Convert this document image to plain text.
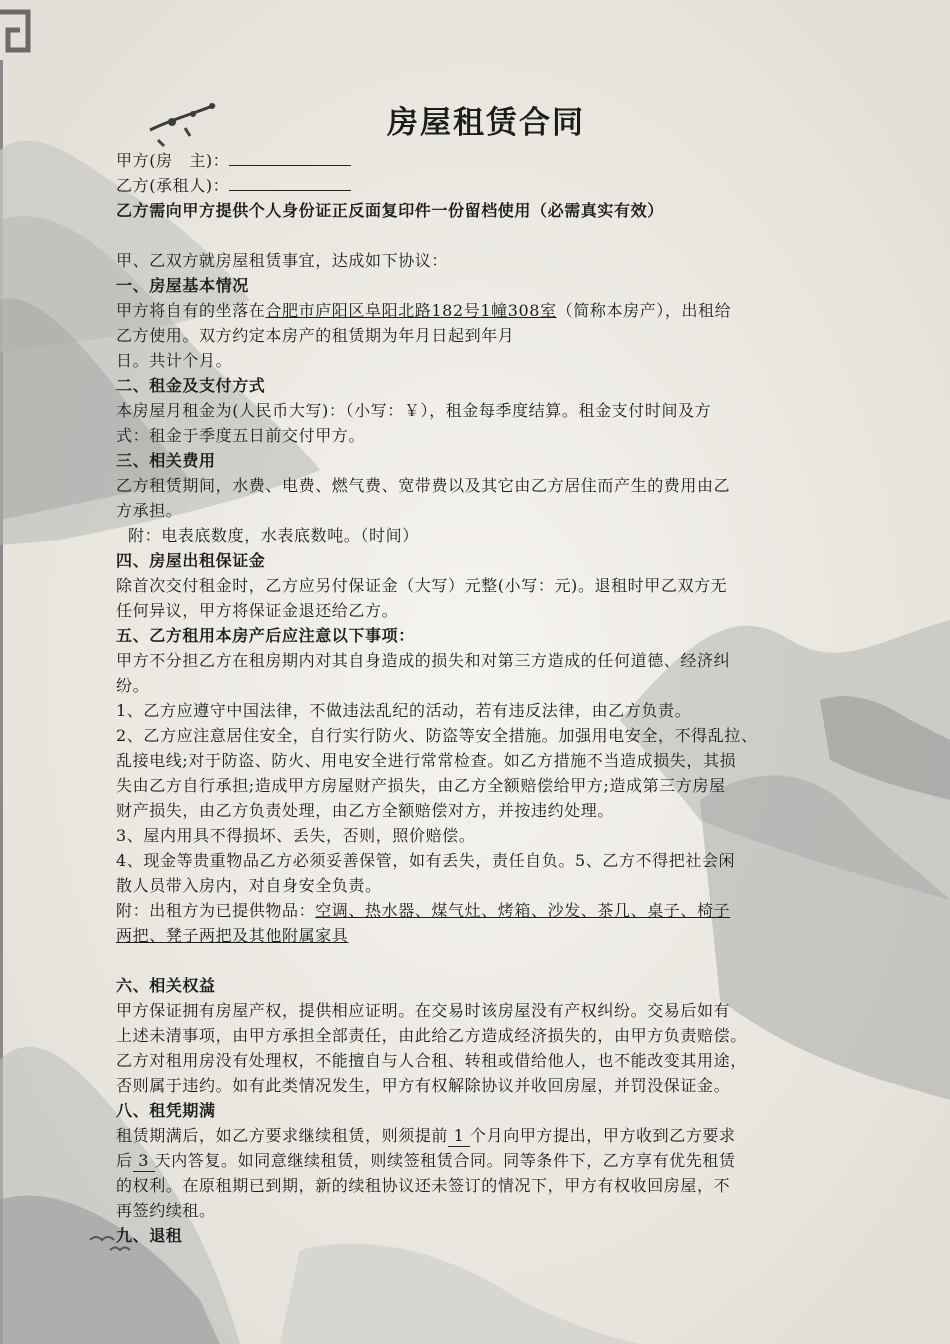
房屋租赁合同
甲方(房　主)：
乙方(承租人)：
乙方需向甲方提供个人身份证正反面复印件一份留档使用（必需真实有效）
甲、乙双方就房屋租赁事宜，达成如下协议：
一、房屋基本情况
甲方将自有的坐落在合肥市庐阳区阜阳北路182号1幢308室（简称本房产），出租给
乙方使用。双方约定本房产的租赁期为年月日起到年月
日。共计个月。
二、租金及支付方式
本房屋月租金为(人民币大写)：（小写：￥），租金每季度结算。租金支付时间及方
式：租金于季度五日前交付甲方。
三、相关费用
乙方租赁期间，水费、电费、燃气费、宽带费以及其它由乙方居住而产生的费用由乙
方承担。
附：电表底数度，水表底数吨。（时间）
四、房屋出租保证金
除首次交付租金时，乙方应另付保证金（大写）元整(小写：元)。退租时甲乙双方无
任何异议，甲方将保证金退还给乙方。
五、乙方租用本房产后应注意以下事项：
甲方不分担乙方在租房期内对其自身造成的损失和对第三方造成的任何道德、经济纠
纷。
1、乙方应遵守中国法律，不做违法乱纪的活动，若有违反法律，由乙方负责。
2、乙方应注意居住安全，自行实行防火、防盗等安全措施。加强用电安全，不得乱拉、
乱接电线;对于防盗、防火、用电安全进行常常检查。如乙方措施不当造成损失，其损
失由乙方自行承担;造成甲方房屋财产损失，由乙方全额赔偿给甲方;造成第三方房屋
财产损失，由乙方负责处理，由乙方全额赔偿对方，并按违约处理。
3、屋内用具不得损坏、丢失，否则，照价赔偿。
4、现金等贵重物品乙方必须妥善保管，如有丢失，责任自负。5、乙方不得把社会闲
散人员带入房内，对自身安全负责。
附：出租方为已提供物品：空调、热水器、煤气灶、烤箱、沙发、茶几、桌子、椅子
两把、凳子两把及其他附属家具
六、相关权益
甲方保证拥有房屋产权，提供相应证明。在交易时该房屋没有产权纠纷。交易后如有
上述未清事项，由甲方承担全部责任，由此给乙方造成经济损失的，由甲方负责赔偿。
乙方对租用房没有处理权，不能擅自与人合租、转租或借给他人，也不能改变其用途，
否则属于违约。如有此类情况发生，甲方有权解除协议并收回房屋，并罚没保证金。
八、租凭期满
租赁期满后，如乙方要求继续租赁，则须提前 1 个月向甲方提出，甲方收到乙方要求
后 3 天内答复。如同意继续租赁，则续签租赁合同。同等条件下，乙方享有优先租赁
的权利。在原租期已到期，新的续租协议还未签订的情况下，甲方有权收回房屋，不
再签约续租。
九、退租
